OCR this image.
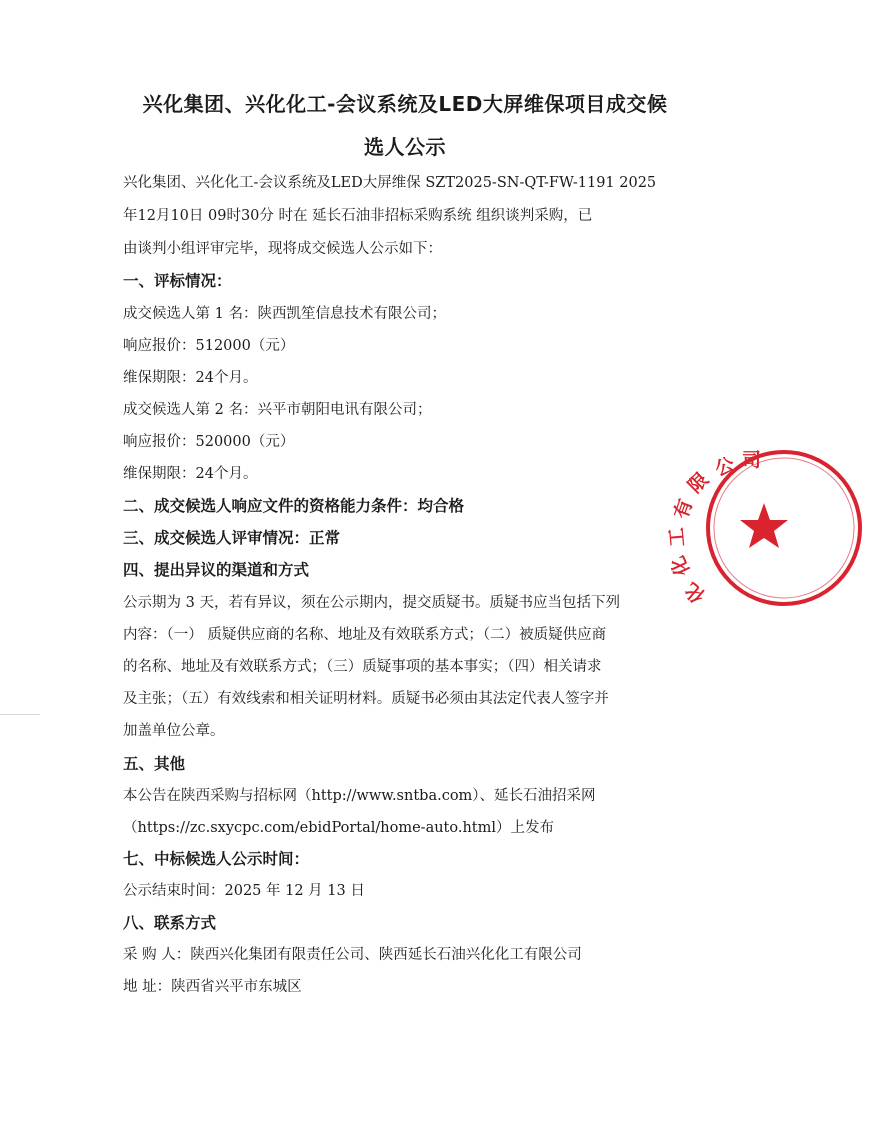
兴化集团、兴化化工-会议系统及LED大屏维保项目成交候
选人公示
兴化集团、兴化化工-会议系统及LED大屏维保 SZT2025-SN-QT-FW-1191 2025
年12月10日 09时30分 时在 延长石油非招标采购系统 组织谈判采购，已
由谈判小组评审完毕，现将成交候选人公示如下：
一、评标情况：
成交候选人第 1 名：陕西凯笙信息技术有限公司；
响应报价：512000（元）
维保期限：24个月。
成交候选人第 2 名：兴平市朝阳电讯有限公司；
响应报价：520000（元）
维保期限：24个月。
二、成交候选人响应文件的资格能力条件：均合格
三、成交候选人评审情况：正常
四、提出异议的渠道和方式
公示期为 3 天，若有异议，须在公示期内，提交质疑书。质疑书应当包括下列
内容：（一） 质疑供应商的名称、地址及有效联系方式；（二）被质疑供应商
的名称、地址及有效联系方式；（三）质疑事项的基本事实；（四）相关请求
及主张；（五）有效线索和相关证明材料。质疑书必须由其法定代表人签字并
加盖单位公章。
五、其他
本公告在陕西采购与招标网（http://www.sntba.com）、延长石油招采网
（https://zc.sxycpc.com/ebidPortal/home-auto.html）上发布
七、中标候选人公示时间：
公示结束时间：2025 年 12 月 13 日
八、联系方式
采 购 人：陕西兴化集团有限责任公司、陕西延长石油兴化化工有限公司
地 址：陕西省兴平市东城区
公 司
限
有
工
化
化
